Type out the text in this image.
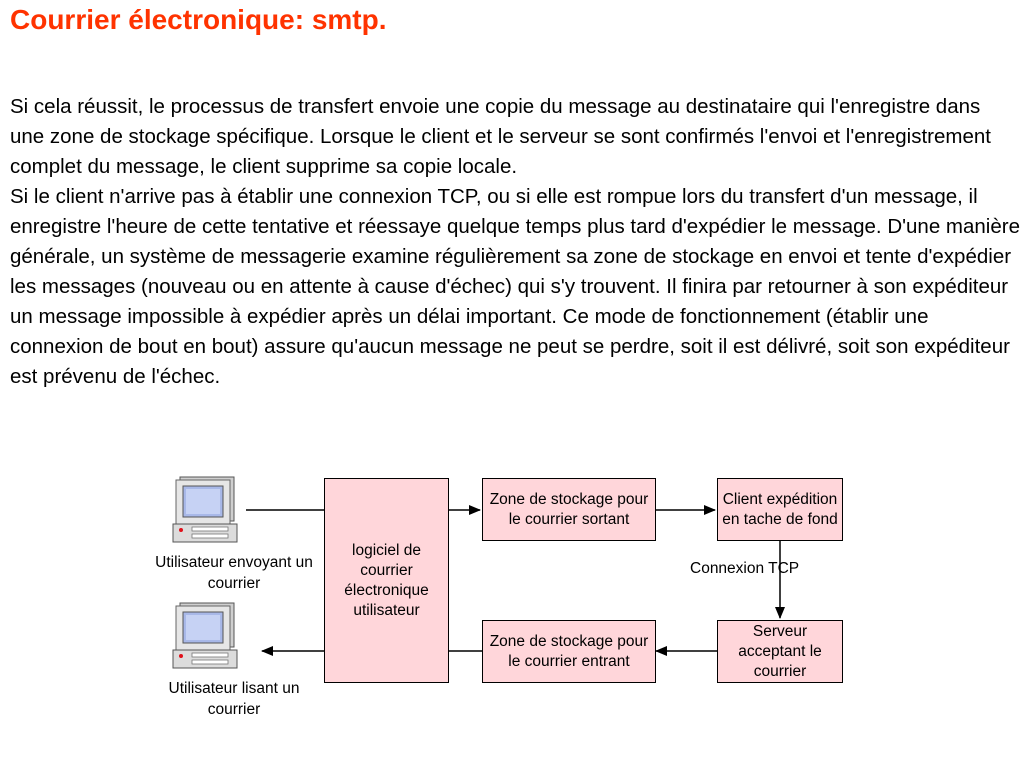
Courrier électronique: smtp.

Si cela réussit, le processus de transfert envoie une copie du message au destinataire qui l'enregistre dans une zone de stockage spécifique. Lorsque le client et le serveur se sont confirmés l'envoi et l'enregistrement complet du message, le client supprime sa copie locale.

Si le client n'arrive pas à établir une connexion TCP, ou si elle est rompue lors du transfert d'un message, il enregistre l'heure de cette tentative et réessaye quelque temps plus tard d'expédier le message. D'une manière générale, un système de messagerie examine régulièrement sa zone de stockage en envoi et tente d'expédier les messages (nouveau ou en attente à cause d'échec) qui s'y trouvent. Il finira par retourner à son expéditeur un message impossible à expédier après un délai important. Ce mode de fonctionnement (établir une connexion de bout en bout) assure qu'aucun message ne peut se perdre, soit il est délivré, soit son expéditeur est prévenu de l'échec.

Utilisateur envoyant un courrier
Utilisateur lisant un courrier
logiciel de courrier électronique utilisateur
Zone de stockage pour le courrier sortant
Zone de stockage pour le courrier entrant
Client expédition en tache de fond
Serveur acceptant le courrier
Connexion TCP
